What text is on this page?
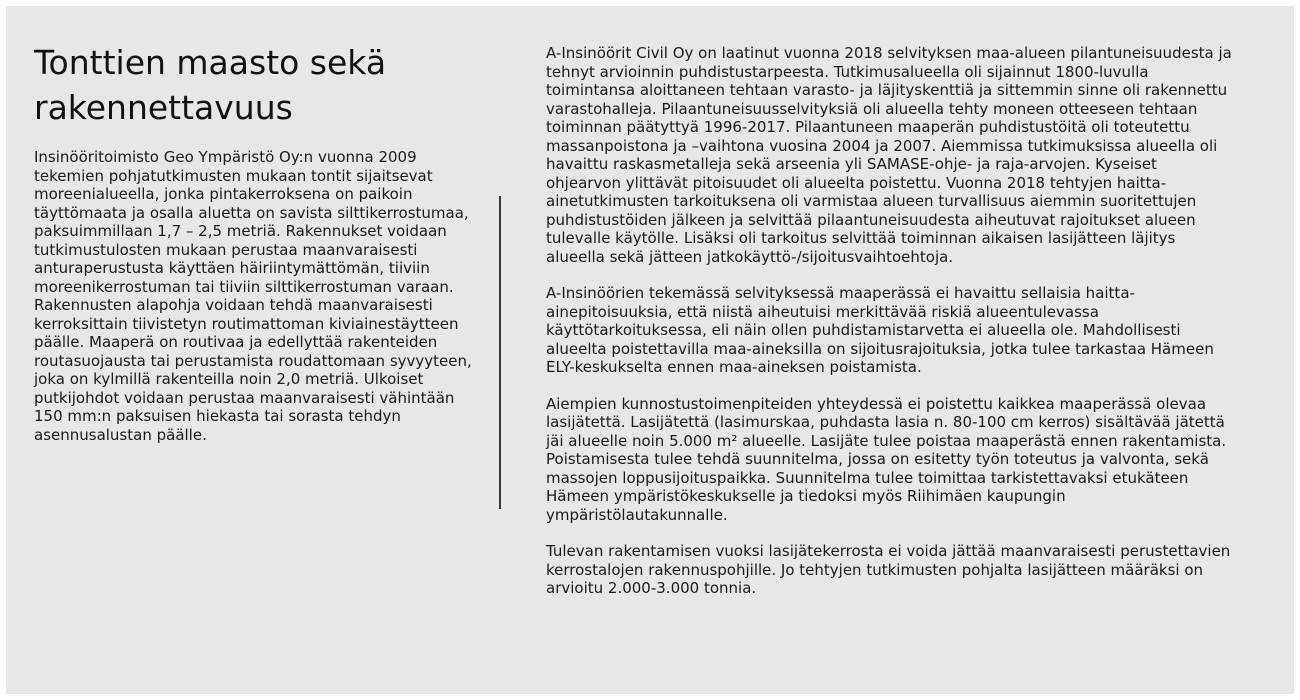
Tonttien maasto sekä rakennettavuus

Insinööritoimisto Geo Ympäristö Oy:n vuonna 2009 tekemien pohjatutkimusten mukaan tontit sijaitsevat moreenialueella, jonka pintakerroksena on paikoin täyttömaata ja osalla aluetta on savista silttikerrostumaa, paksuimmillaan 1,7 – 2,5 metriä. Rakennukset voidaan tutkimustulosten mukaan perustaa maanvaraisesti anturaperustusta käyttäen häiriintymättömän, tiiviin moreenikerrostuman tai tiiviin silttikerrostuman varaan. Rakennusten alapohja voidaan tehdä maanvaraisesti kerroksittain tiivistetyn routimattoman kiviainestäytteen päälle. Maaperä on routivaa ja edellyttää rakenteiden routasuojausta tai perustamista roudattomaan syvyyteen, joka on kylmillä rakenteilla noin 2,0 metriä. Ulkoiset putkijohdot voidaan perustaa maanvaraisesti vähintään 150 mm:n paksuisen hiekasta tai sorasta tehdyn asennusalustan päälle.

A-Insinöörit Civil Oy on laatinut vuonna 2018 selvityksen maa-alueen pilantuneisuudesta ja tehnyt arvioinnin puhdistustarpeesta. Tutkimusalueella oli sijainnut 1800-luvulla toimintansa aloittaneen tehtaan varasto- ja läjityskenttiä ja sittemmin sinne oli rakennettu varastohalleja. Pilaantuneisuusselvityksiä oli alueella tehty moneen otteeseen tehtaan toiminnan päätyttyä 1996-2017. Pilaantuneen maaperän puhdistustöitä oli toteutettu massanpoistona ja –vaihtona vuosina 2004 ja 2007. Aiemmissa tutkimuksissa alueella oli havaittu raskasmetalleja sekä arseenia yli SAMASE-ohje- ja raja-arvojen. Kyseiset ohjearvon ylittävät pitoisuudet oli alueelta poistettu. Vuonna 2018 tehtyjen haitta-ainetutkimusten tarkoituksena oli varmistaa alueen turvallisuus aiemmin suoritettujen puhdistustöiden jälkeen ja selvittää pilaantuneisuudesta aiheutuvat rajoitukset alueen tulevalle käytölle. Lisäksi oli tarkoitus selvittää toiminnan aikaisen lasijätteen läjitys alueella sekä jätteen jatkokäyttö-/sijoitusvaihtoehtoja.

A-Insinöörien tekemässä selvityksessä maaperässä ei havaittu sellaisia haitta-ainepitoisuuksia, että niistä aiheutuisi merkittävää riskiä alueentulevassa käyttötarkoituksessa, eli näin ollen puhdistamistarvetta ei alueella ole. Mahdollisesti alueelta poistettavilla maa-aineksilla on sijoitusrajoituksia, jotka tulee tarkastaa Hämeen ELY-keskukselta ennen maa-aineksen poistamista.

Aiempien kunnostustoimenpiteiden yhteydessä ei poistettu kaikkea maaperässä olevaa lasijätettä. Lasijätettä (lasimurskaa, puhdasta lasia n. 80-100 cm kerros) sisältävää jätettä jäi alueelle noin 5.000 m² alueelle. Lasijäte tulee poistaa maaperästä ennen rakentamista. Poistamisesta tulee tehdä suunnitelma, jossa on esitetty työn toteutus ja valvonta, sekä massojen loppusijoituspaikka. Suunnitelma tulee toimittaa tarkistettavaksi etukäteen Hämeen ympäristökeskukselle ja tiedoksi myös Riihimäen kaupungin ympäristölautakunnalle.

Tulevan rakentamisen vuoksi lasijätekerrosta ei voida jättää maanvaraisesti perustettavien kerrostalojen rakennuspohjille. Jo tehtyjen tutkimusten pohjalta lasijätteen määräksi on arvioitu 2.000-3.000 tonnia.
